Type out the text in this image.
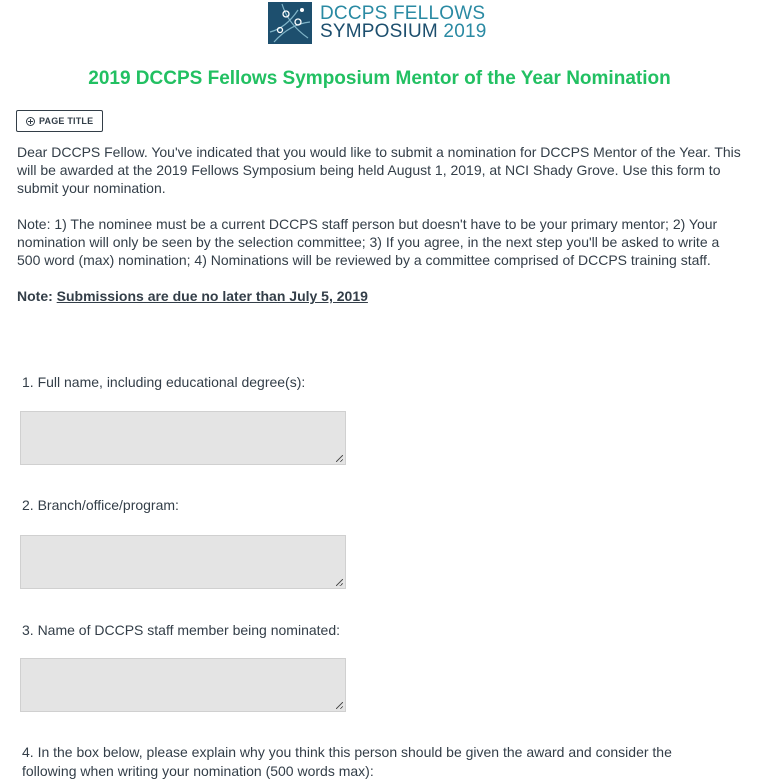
DCCPS FELLOWS
SYMPOSIUM 2019
2019 DCCPS Fellows Symposium Mentor of the Year Nomination
PAGE TITLE

Dear DCCPS Fellow. You've indicated that you would like to submit a nomination for DCCPS Mentor of the Year. This will be awarded at the 2019 Fellows Symposium being held August 1, 2019, at NCI Shady Grove. Use this form to submit your nomination.

Note: 1) The nominee must be a current DCCPS staff person but doesn't have to be your primary mentor; 2) Your nomination will only be seen by the selection committee; 3) If you agree, in the next step you'll be asked to write a 500 word (max) nomination; 4) Nominations will be reviewed by a committee comprised of DCCPS training staff.

Note: Submissions are due no later than July 5, 2019

1. Full name, including educational degree(s):
2. Branch/office/program:
3. Name of DCCPS staff member being nominated:
4. In the box below, please explain why you think this person should be given the award and consider the following when writing your nomination (500 words max):
